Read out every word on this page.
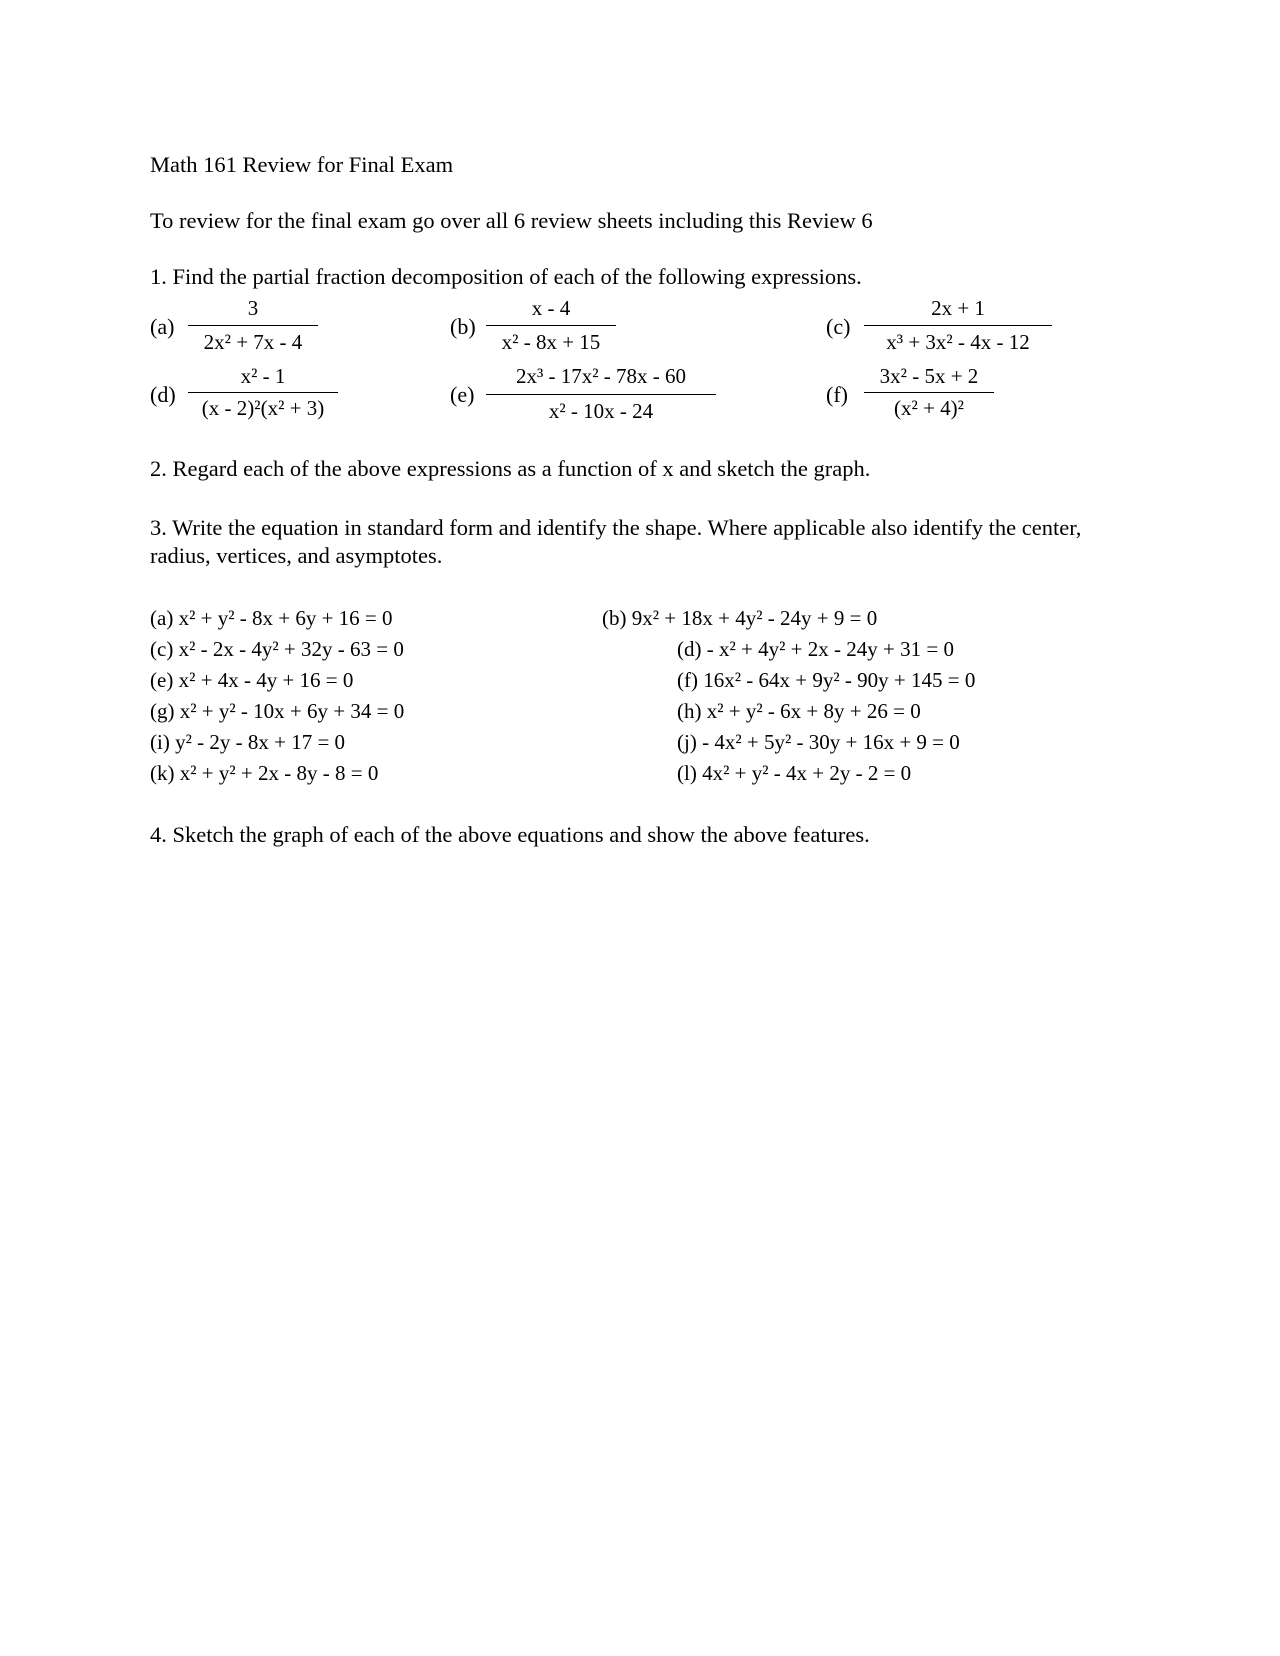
Math 161 Review for Final Exam
To review for the final exam go over all 6 review sheets including this Review 6
1. Find the partial fraction decomposition of each of the following expressions.
(a)
3
2x² + 7x - 4
(b)
x - 4
x² - 8x + 15
(c)
2x + 1
x³ + 3x² - 4x - 12
(d)
x² - 1
(x - 2)²(x² + 3)
(e)
2x³ - 17x² - 78x - 60
x² - 10x - 24
(f)
3x² - 5x + 2
(x² + 4)²
2. Regard each of the above expressions as a function of x and sketch the graph.
3. Write the equation in standard form and identify the shape. Where applicable also identify the center, radius, vertices, and asymptotes.
(a) x² + y² - 8x + 6y + 16 = 0	(b) 9x² + 18x + 4y² - 24y + 9 = 0
(c) x² - 2x - 4y² + 32y - 63 = 0	(d) - x² + 4y² + 2x - 24y + 31 = 0
(e) x² + 4x - 4y + 16 = 0	(f) 16x² - 64x + 9y² - 90y + 145 = 0
(g) x² + y² - 10x + 6y + 34 = 0	(h) x² + y² - 6x + 8y + 26 = 0
(i) y² - 2y - 8x + 17 = 0	(j) - 4x² + 5y² - 30y + 16x + 9 = 0
(k) x² + y² + 2x - 8y - 8 = 0	(l) 4x² + y² - 4x + 2y - 2 = 0
4. Sketch the graph of each of the above equations and show the above features.
